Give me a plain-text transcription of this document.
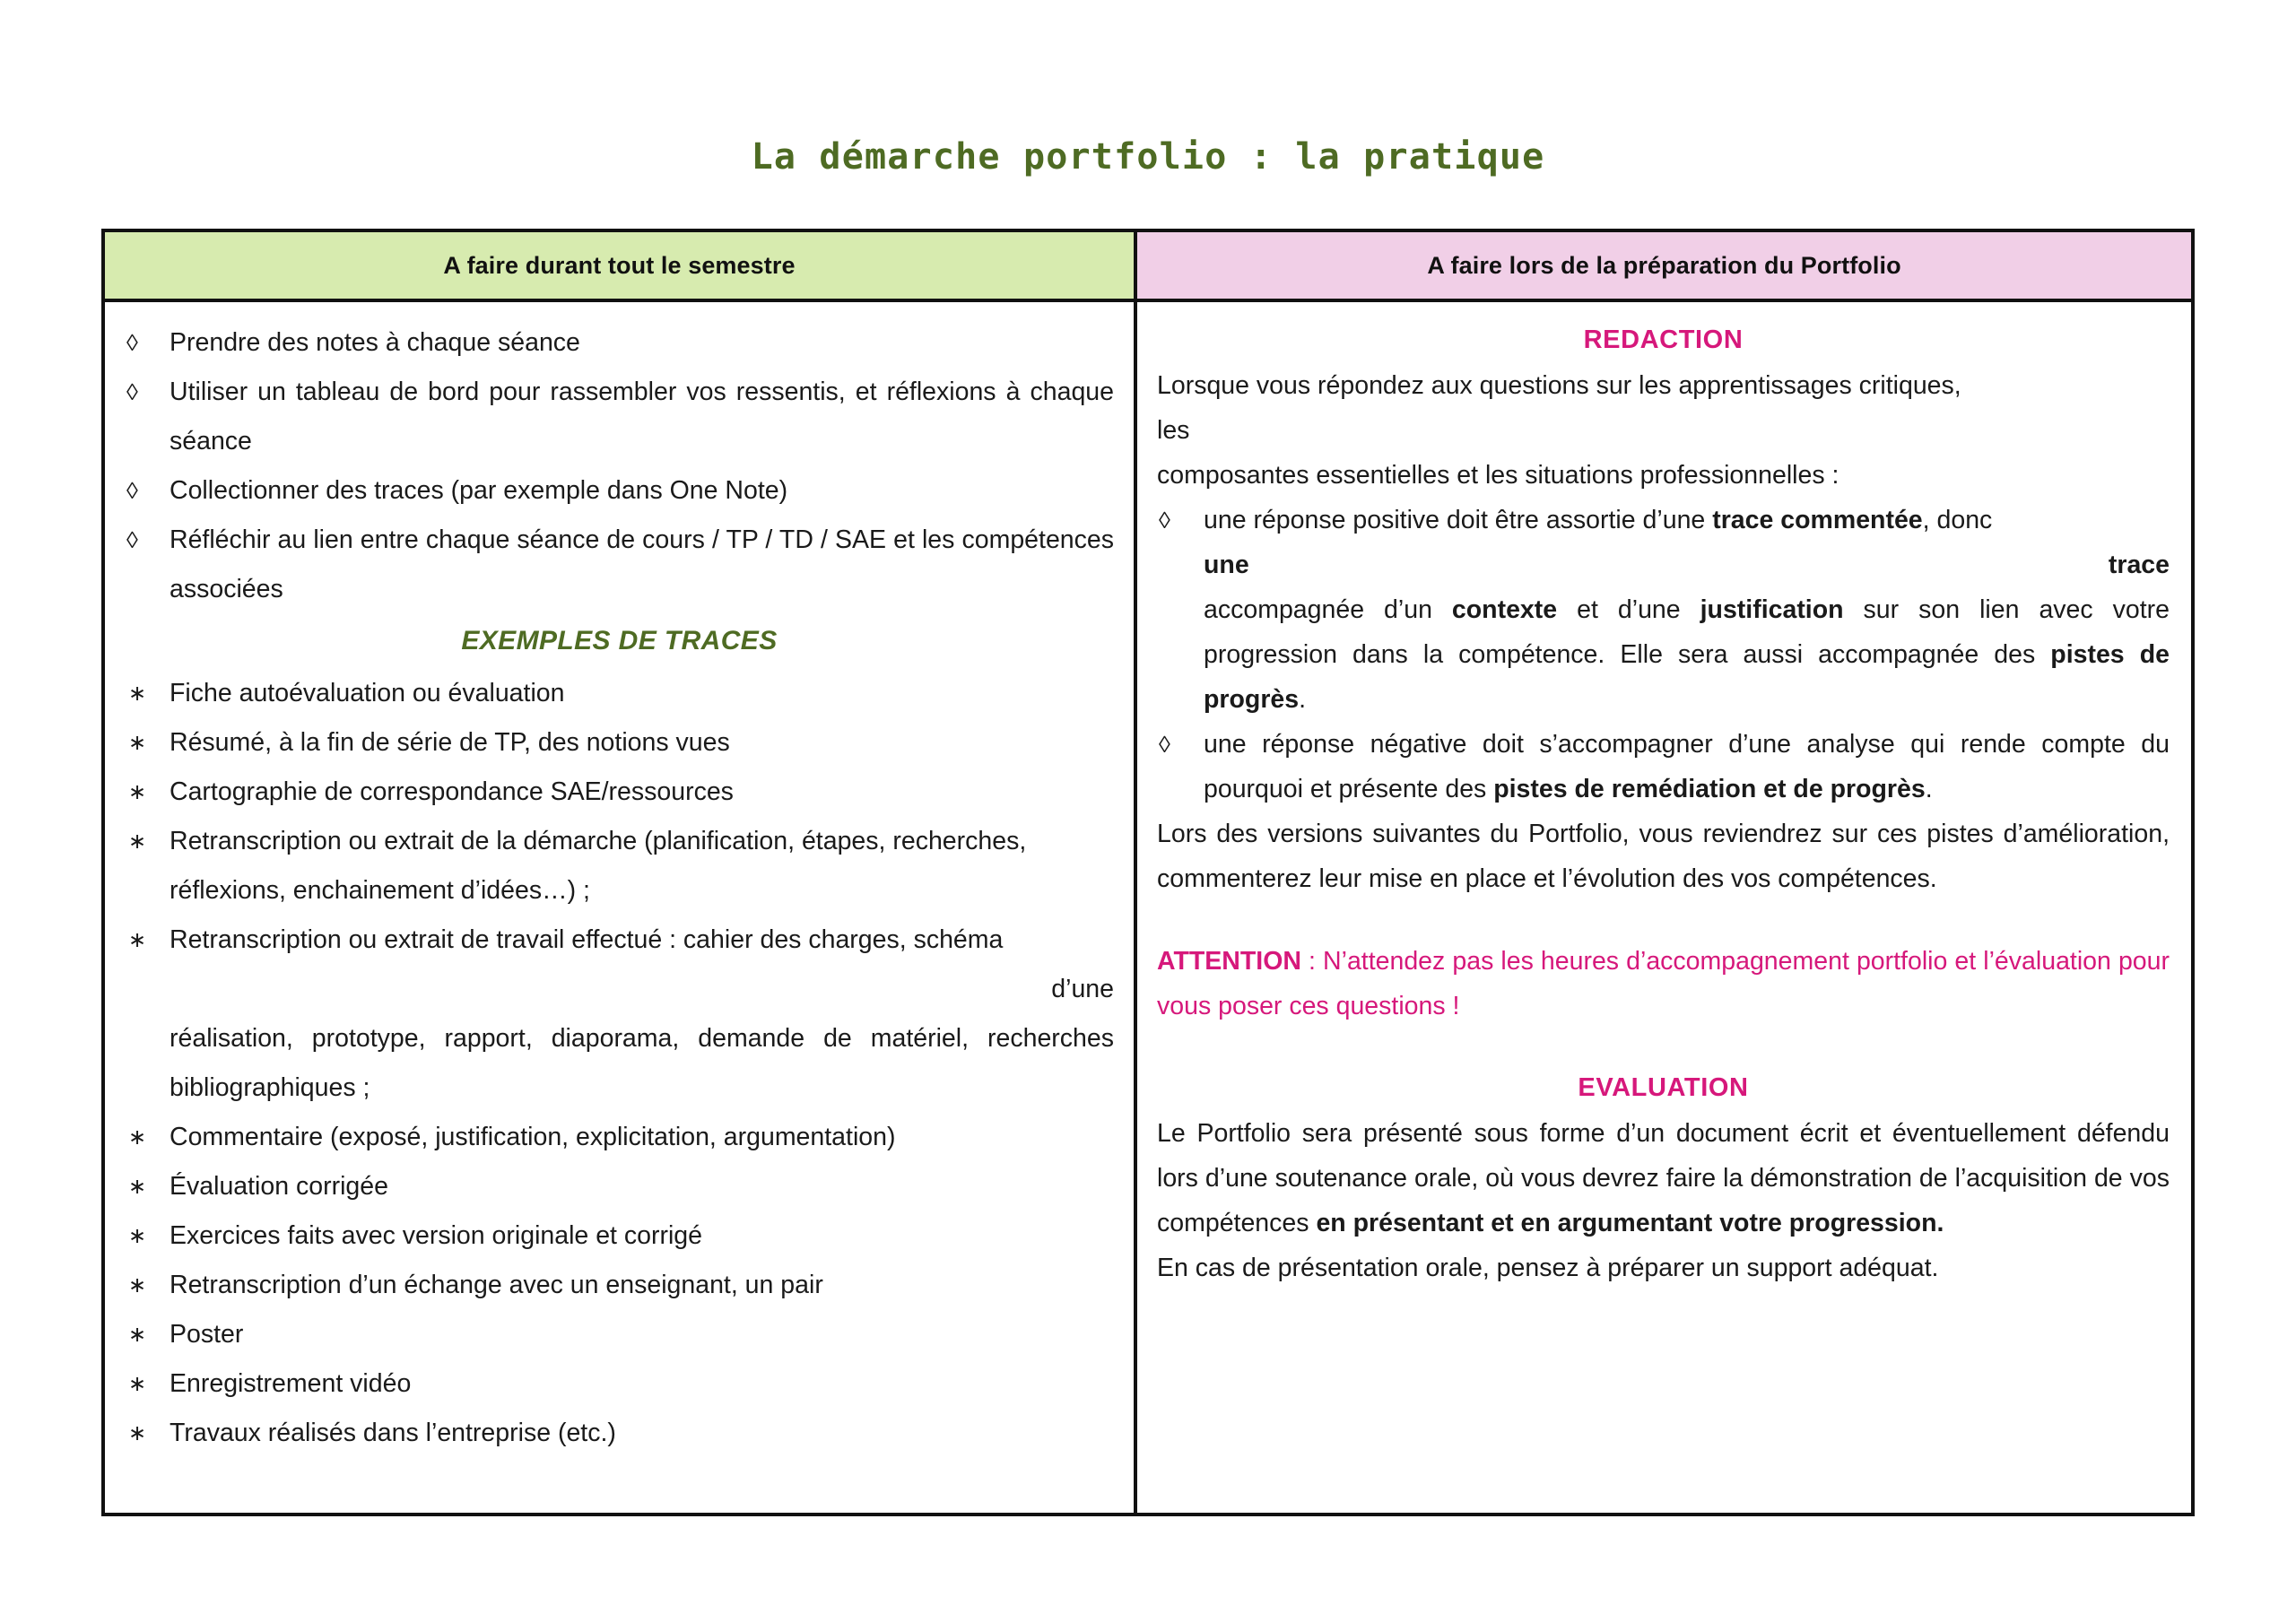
La démarche portfolio : la pratique
A faire durant tout le semestre	A faire lors de la préparation du Portfolio
◊ Prendre des notes à chaque séance
◊ Utiliser un tableau de bord pour rassembler vos ressentis, et réflexions à chaque séance
◊ Collectionner des traces (par exemple dans One Note)
◊ Réfléchir au lien entre chaque séance de cours / TP / TD / SAE et les compétences associées
EXEMPLES DE TRACES
∗ Fiche autoévaluation ou évaluation
∗ Résumé, à la fin de série de TP, des notions vues
∗ Cartographie de correspondance SAE/ressources
∗ Retranscription ou extrait de la démarche (planification, étapes, recherches,
réflexions, enchainement d’idées…) ;
∗ Retranscription ou extrait de travail effectué : cahier des charges, schéma
d’une
réalisation, prototype, rapport, diaporama, demande de matériel, recherches bibliographiques ;
∗ Commentaire (exposé, justification, explicitation, argumentation)
∗ Évaluation corrigée
∗ Exercices faits avec version originale et corrigé
∗ Retranscription d’un échange avec un enseignant, un pair
∗ Poster
∗ Enregistrement vidéo
∗ Travaux réalisés dans l’entreprise (etc.)
REDACTION
Lorsque vous répondez aux questions sur les apprentissages critiques,
les
composantes essentielles et les situations professionnelles :
◊ une réponse positive doit être assortie d’une trace commentée, donc
une	trace
accompagnée d’un contexte et d’une justification sur son lien avec votre progression dans la compétence. Elle sera aussi accompagnée des pistes de progrès.
◊ une réponse négative doit s’accompagner d’une analyse qui rende compte du pourquoi et présente des pistes de remédiation et de progrès.
Lors des versions suivantes du Portfolio, vous reviendrez sur ces pistes d’amélioration, commenterez leur mise en place et l’évolution des vos compétences.
ATTENTION : N’attendez pas les heures d’accompagnement portfolio et l’évaluation pour vous poser ces questions !
EVALUATION
Le Portfolio sera présenté sous forme d’un document écrit et éventuellement défendu lors d’une soutenance orale, où vous devrez faire la démonstration de l’acquisition de vos compétences en présentant et en argumentant votre progression.
En cas de présentation orale, pensez à préparer un support adéquat.
